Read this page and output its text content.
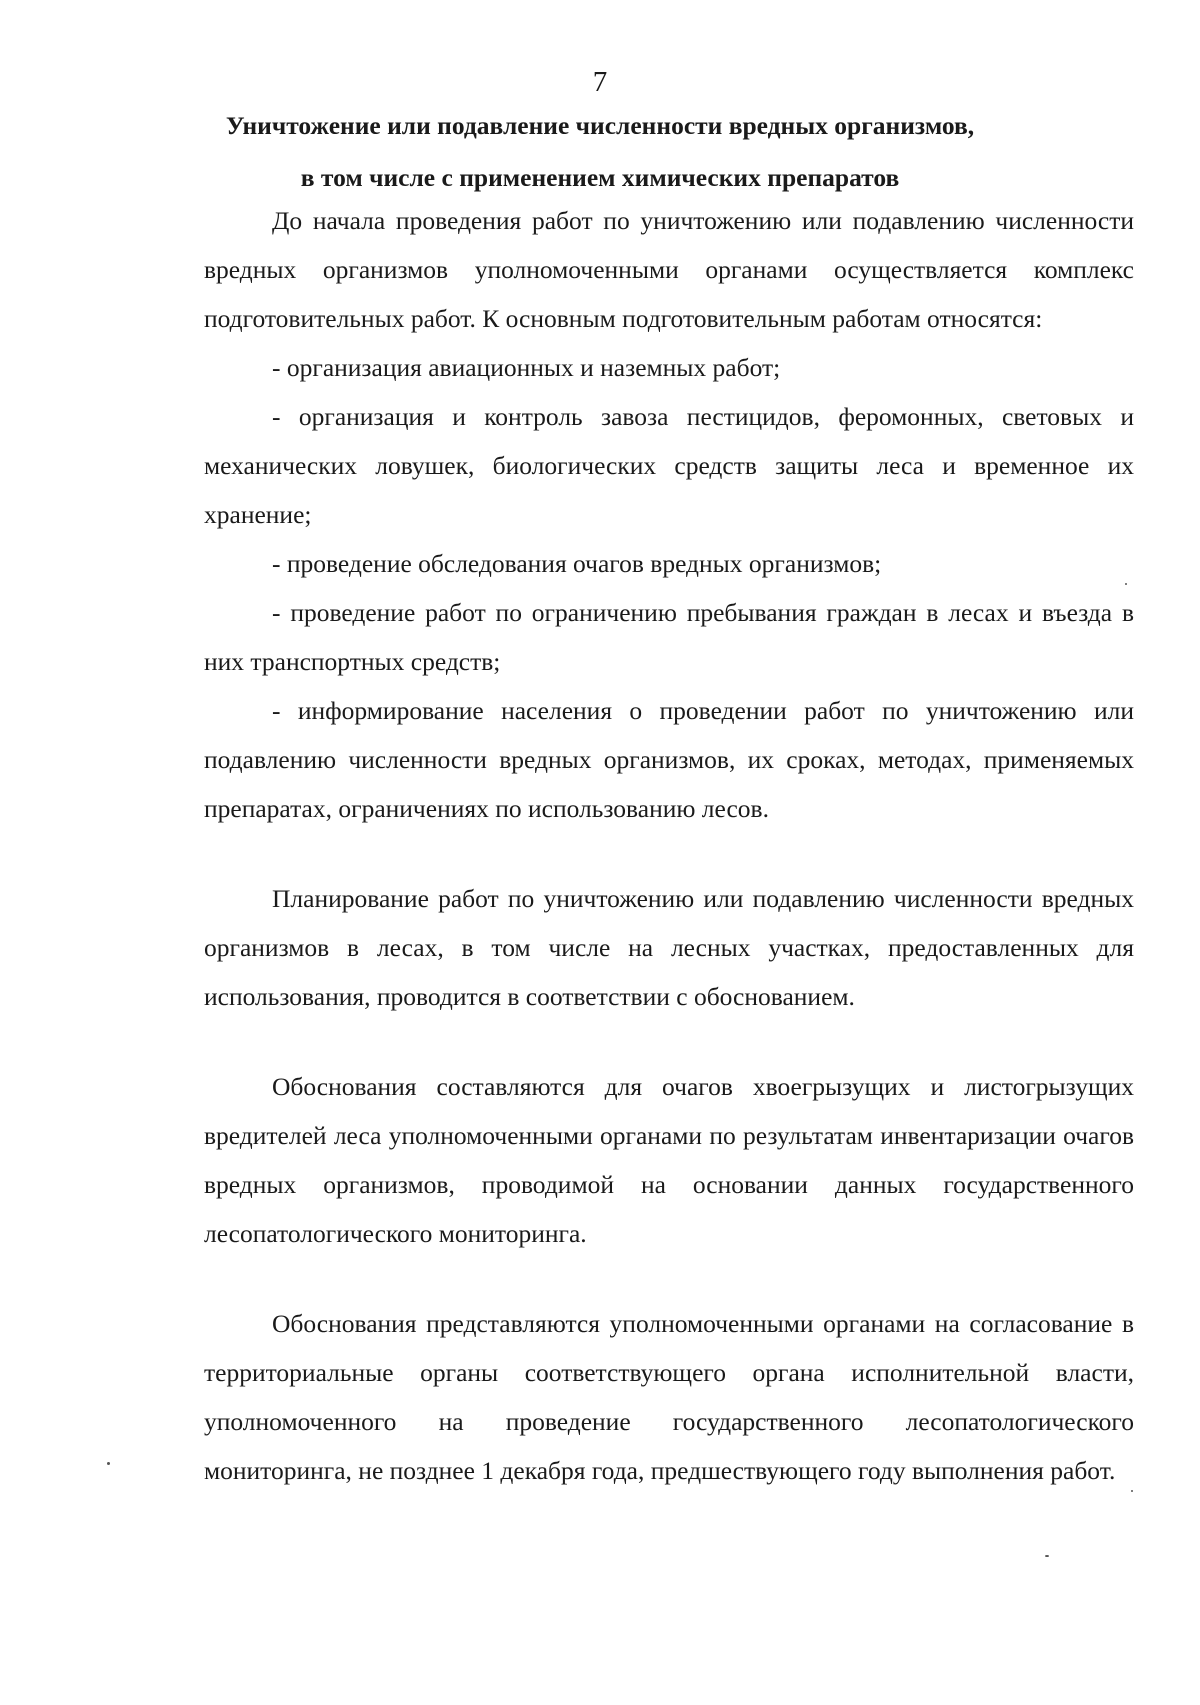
7
Уничтожение или подавление численности вредных организмов,
в том числе с применением химических препаратов

До начала проведения работ по уничтожению или подавлению численности вредных организмов уполномоченными органами осуществляется комплекс подготовительных работ. К основным подготовительным работам относятся:

- организация авиационных и наземных работ;

- организация и контроль завоза пестицидов, феромонных, световых и механических ловушек, биологических средств защиты леса и временное их хранение;

- проведение обследования очагов вредных организмов;

- проведение работ по ограничению пребывания граждан в лесах и въезда в них транспортных средств;

- информирование населения о проведении работ по уничтожению или подавлению численности вредных организмов, их сроках, методах, применяемых препаратах, ограничениях по использованию лесов.

Планирование работ по уничтожению или подавлению численности вредных организмов в лесах, в том числе на лесных участках, предоставленных для использования, проводится в соответствии с обоснованием.

Обоснования составляются для очагов хвоегрызущих и листогрызущих вредителей леса уполномоченными органами по результатам инвентаризации очагов вредных организмов, проводимой на основании данных государственного лесопатологического мониторинга.

Обоснования представляются уполномоченными органами на согласование в территориальные органы соответствующего органа исполнительной власти, уполномоченного на проведение государственного лесопатологического мониторинга, не позднее 1 декабря года, предшествующего году выполнения работ.
